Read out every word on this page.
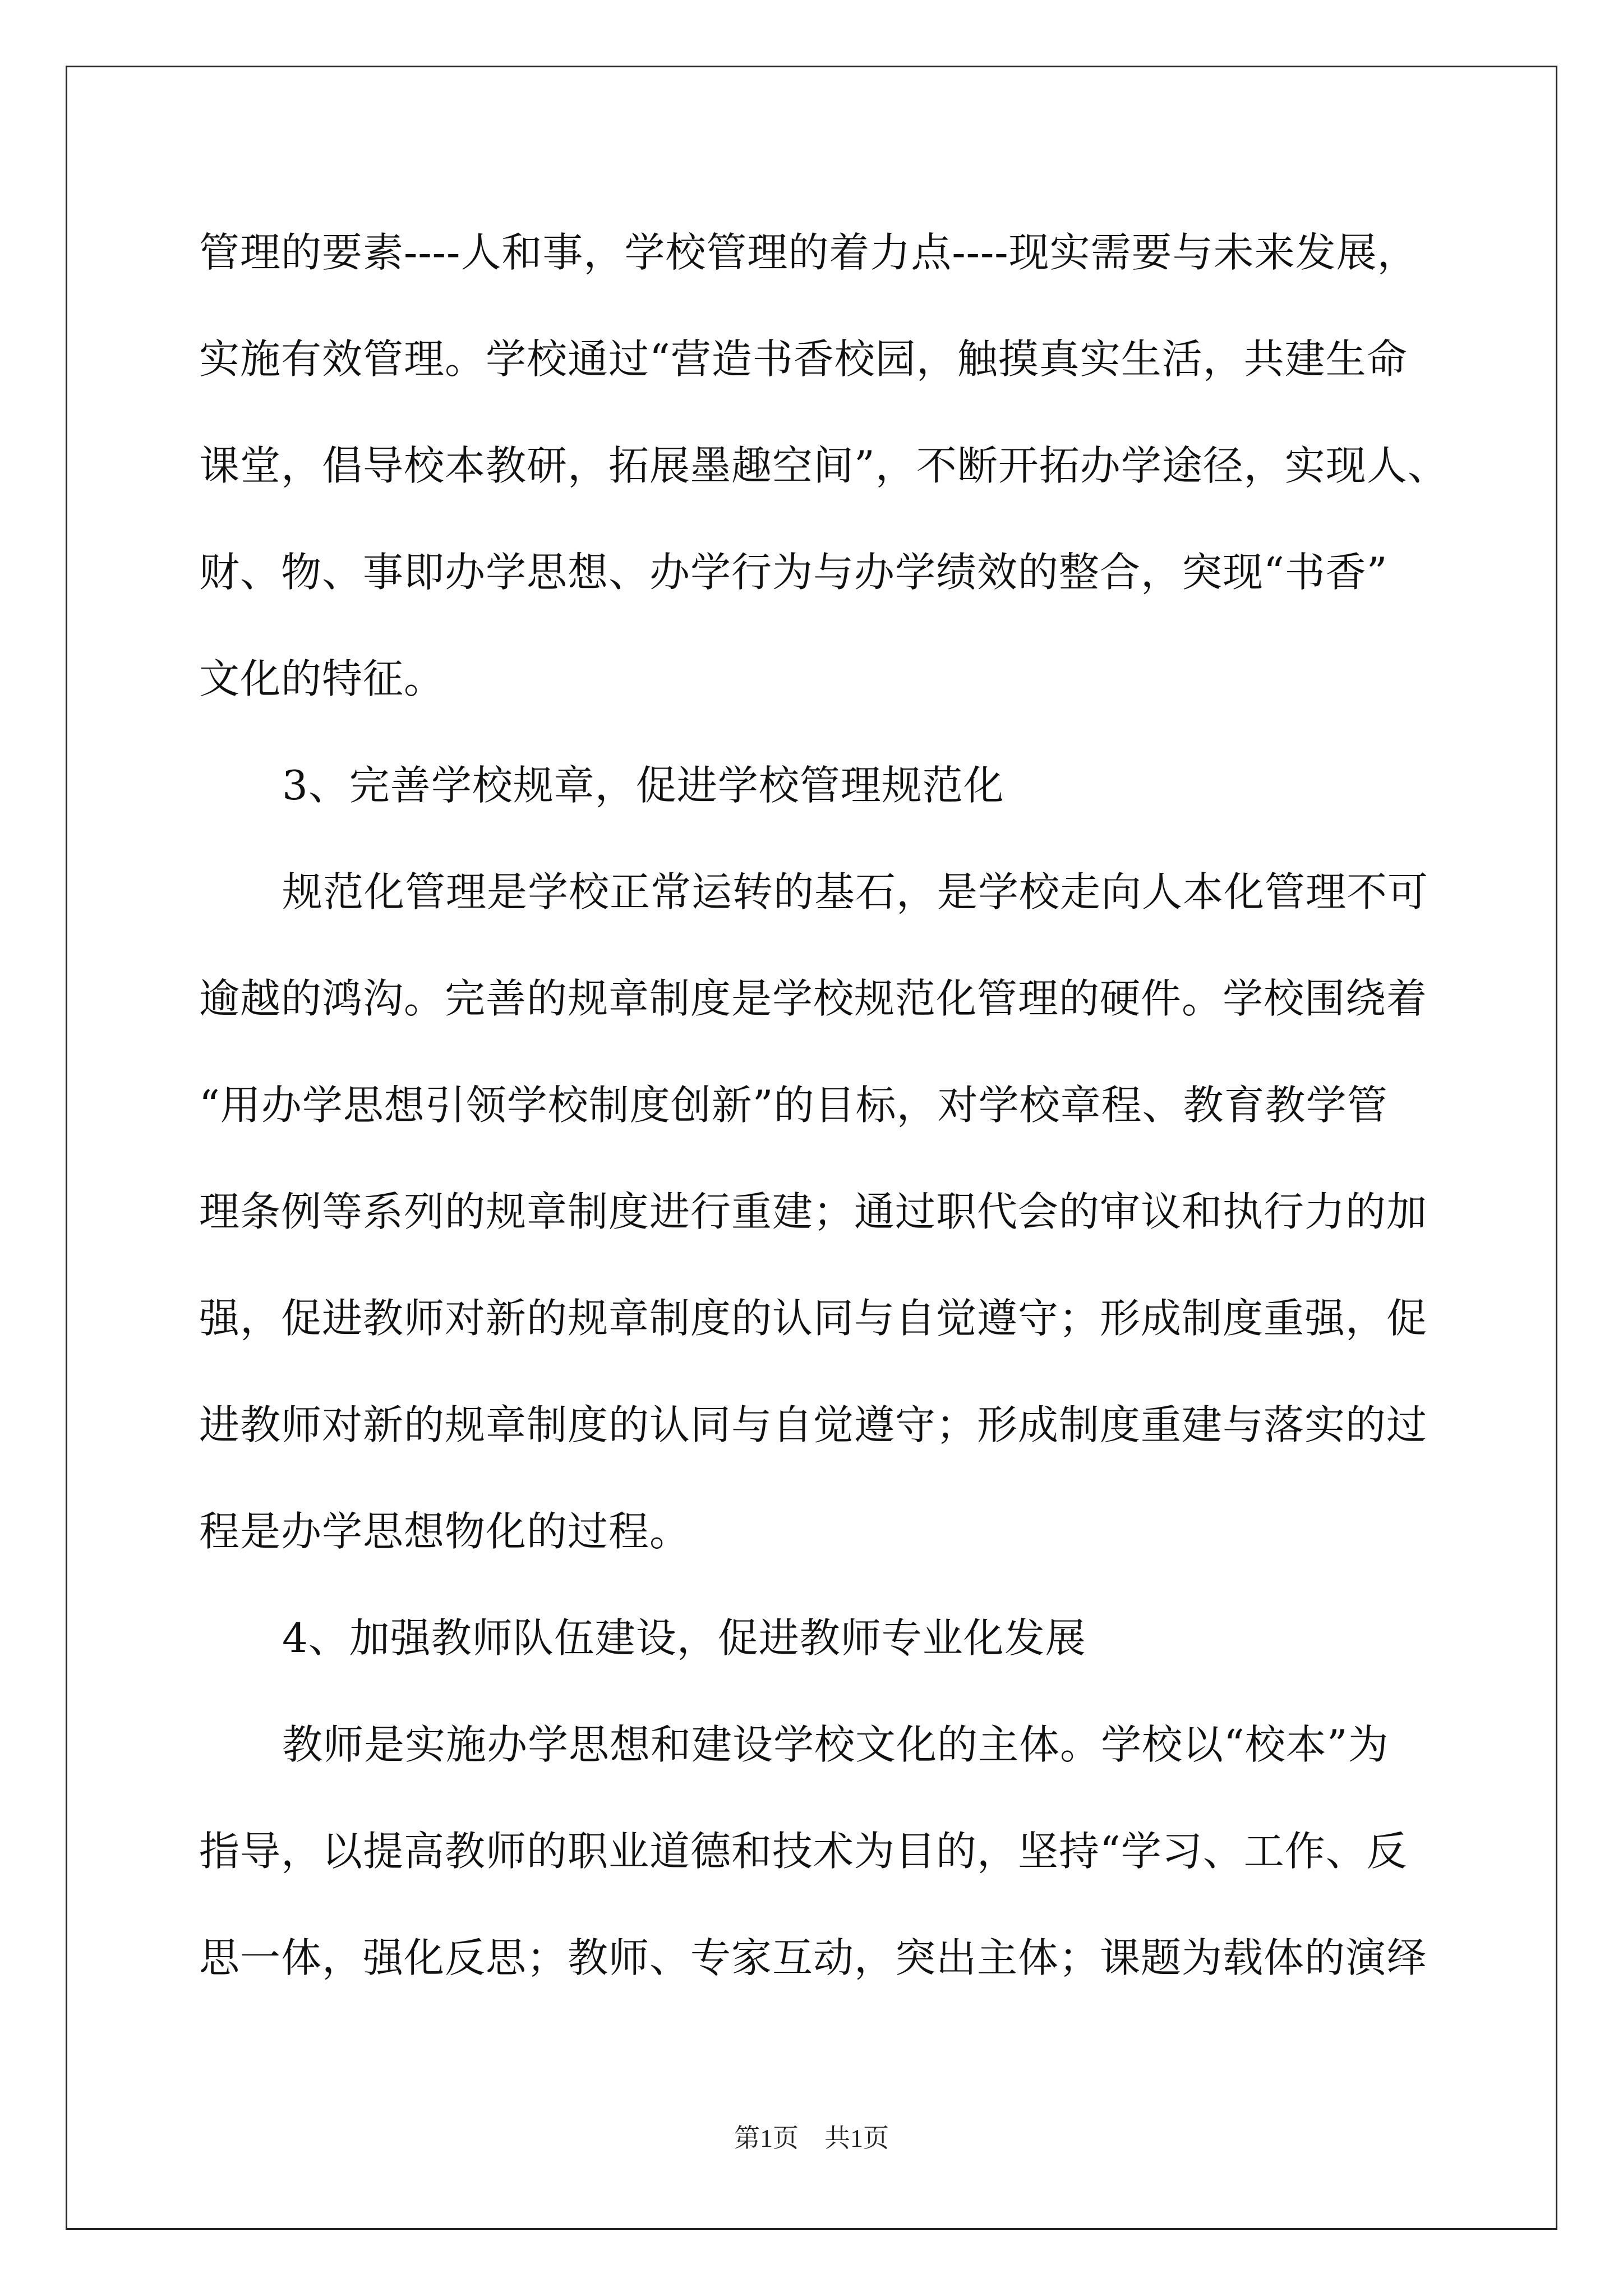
管理的要素----人和事，学校管理的着力点----现实需要与未来发展，
实施有效管理。学校通过“营造书香校园，触摸真实生活，共建生命
课堂，倡导校本教研，拓展墨趣空间”，不断开拓办学途径，实现人、
财、物、事即办学思想、办学行为与办学绩效的整合，突现“书香”
文化的特征。
3、完善学校规章，促进学校管理规范化
规范化管理是学校正常运转的基石，是学校走向人本化管理不可
逾越的鸿沟。完善的规章制度是学校规范化管理的硬件。学校围绕着
“用办学思想引领学校制度创新”的目标，对学校章程、教育教学管
理条例等系列的规章制度进行重建；通过职代会的审议和执行力的加
强，促进教师对新的规章制度的认同与自觉遵守；形成制度重强，促
进教师对新的规章制度的认同与自觉遵守；形成制度重建与落实的过
程是办学思想物化的过程。
4、加强教师队伍建设，促进教师专业化发展
教师是实施办学思想和建设学校文化的主体。学校以“校本”为
指导，以提高教师的职业道德和技术为目的，坚持“学习、工作、反
思一体，强化反思；教师、专家互动，突出主体；课题为载体的演绎
第1页　共1页
